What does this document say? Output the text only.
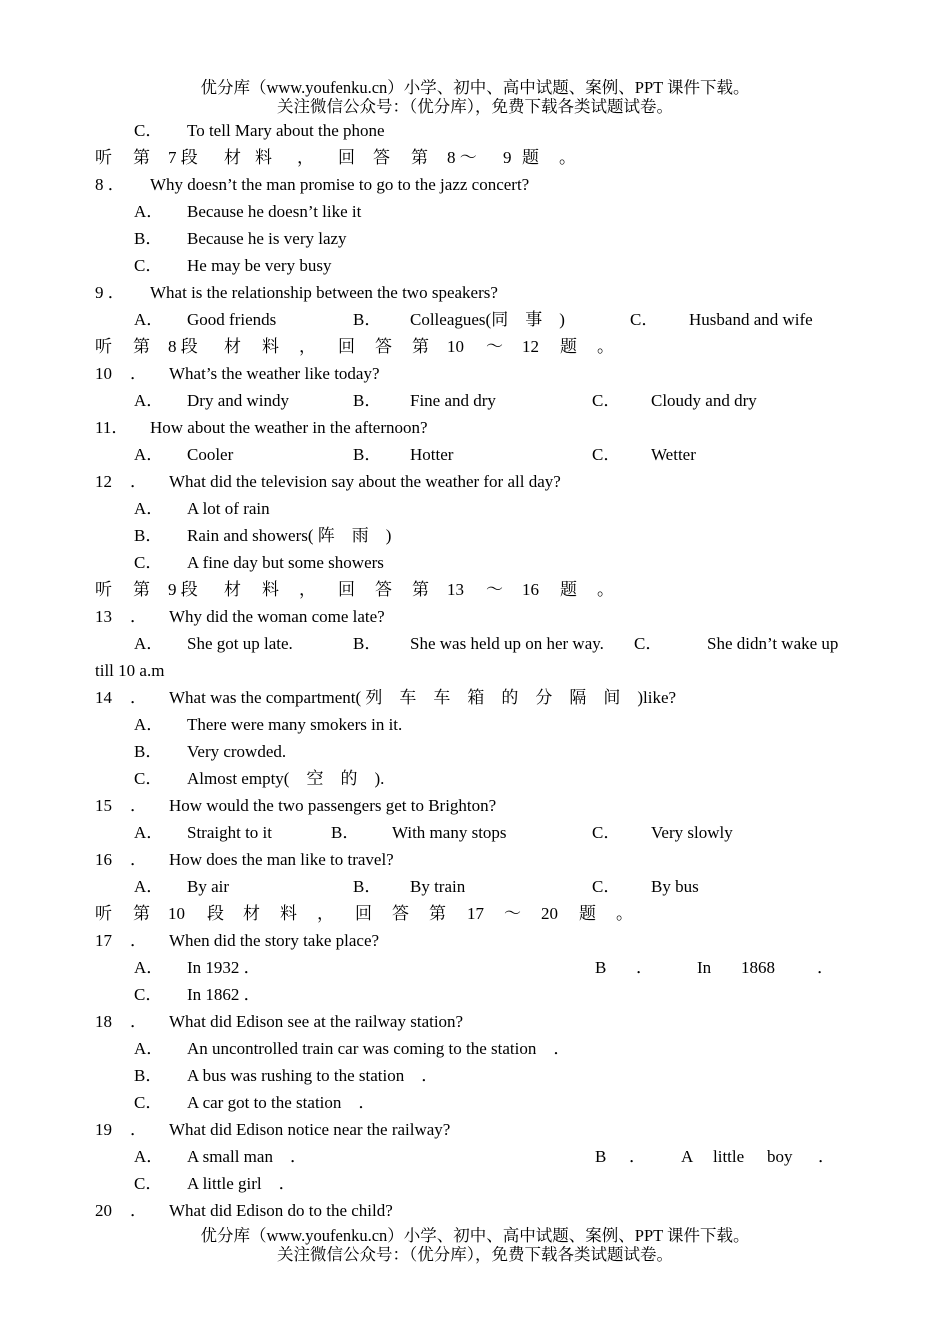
优分库（www.youfenku.cn）小学、初中、高中试题、案例、PPT 课件下载。
关注微信公众号：（优分库），免费下载各类试题试卷。
C． To tell Mary about the phone
听 第 7 段 材 料 ， 回 答 第 8 ～ 9 题 。
8 ． Why doesn’t the man promise to go to the jazz concert?
A． Because he doesn’t like it
B． Because he is very lazy
C． He may be very busy
9 ． What is the relationship between the two speakers?
A． Good friends	B． Colleagues(同　事　)	C． Husband and wife
听 第 8 段 材 料 ， 回 答 第 10 ～ 12 题 。
10 ． What’s the weather like today?
A． Dry and windy	B． Fine and dry	C． Cloudy and dry
11． How about the weather in the afternoon?
A． Cooler	B． Hotter	C． Wetter
12 ． What did the television say about the weather for all day?
A． A lot of rain
B． Rain and showers( 阵　雨　)
C． A fine day but some showers
听 第 9 段 材 料 ， 回 答 第 13 ～ 16 题 。
13 ． Why did the woman come late?
A． She got up late.	B． She was held up on her way. C．	She didn’t wake up
till 10 a.m
14 ． What was the compartment( 列　车　车　箱　的　分　隔　间　)like?
A． There were many smokers in it.
B． Very crowded.
C． Almost empty(　空　的　).
15 ． How would the two passengers get to Brighton?
A． Straight to it	B． With many stops	C． Very slowly
16 ． How does the man like to travel?
A． By air	B． By train	C． By bus
听 第 10 段 材 料 ， 回 答 第 17 ～ 20 题 。
17 ． When did the story take place?
A． In 1932 ．	B ．	In 1868 ．
C． In 1862 ．
18 ． What did Edison see at the railway station?
A． An uncontrolled train car was coming to the station　．
B． A bus was rushing to the station　．
C． A car got to the station　．
19 ． What did Edison notice near the railway?
A． A small man　．	B ． A little boy ．
C． A little girl　．
20 ． What did Edison do to the child?
优分库（www.youfenku.cn）小学、初中、高中试题、案例、PPT 课件下载。
关注微信公众号：（优分库），免费下载各类试题试卷。
